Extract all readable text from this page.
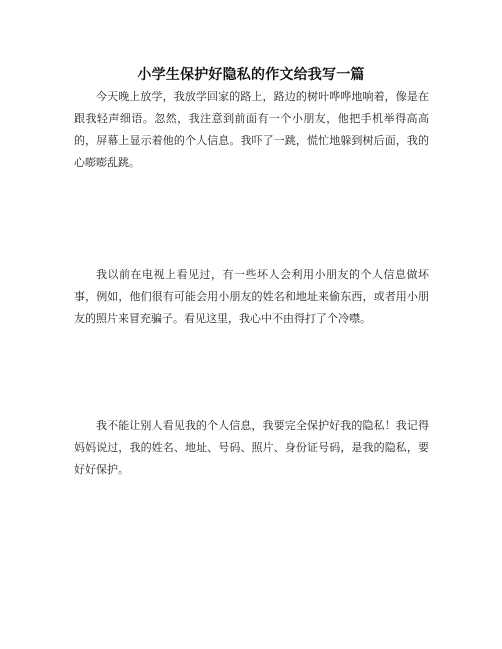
小学生保护好隐私的作文给我写一篇

今天晚上放学，我放学回家的路上，路边的树叶哗哗地响着，像是在跟我轻声细语。忽然，我注意到前面有一个小朋友，他把手机举得高高的，屏幕上显示着他的个人信息。我吓了一跳，慌忙地躲到树后面，我的心嘭嘭乱跳。

我以前在电视上看见过，有一些坏人会利用小朋友的个人信息做坏事，例如，他们很有可能会用小朋友的姓名和地址来偷东西，或者用小朋友的照片来冒充骗子。看见这里，我心中不由得打了个冷噤。

我不能让别人看见我的个人信息，我要完全保护好我的隐私！我记得妈妈说过，我的姓名、地址、号码、照片、身份证号码，是我的隐私，要好好保护。
